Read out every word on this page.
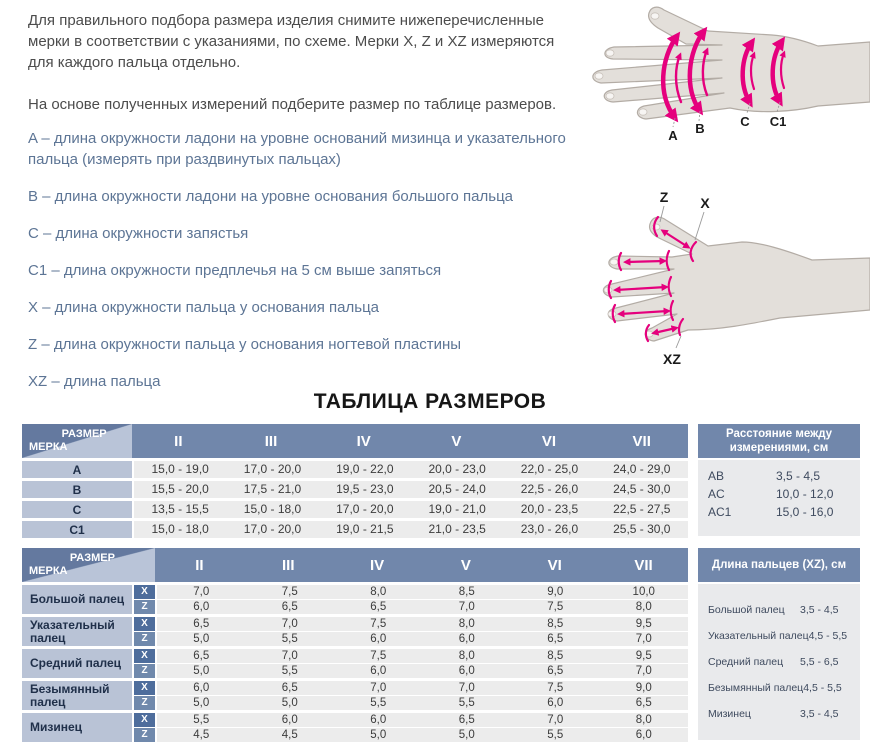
Для правильного подбора размера изделия снимите нижеперечисленные мерки в соответствии с указаниями, по схеме. Мерки X, Z и XZ измеряются для каждого пальца отдельно.

На основе полученных измерений подберите размер по таблице размеров.

A – длина окружности ладони на уровне оснований мизинца и указательного пальца (измерять при раздвинутых пальцах)

B – длина окружности ладони на уровне основания большого пальца

C – длина окружности запястья

C1 – длина окружности предплечья на 5 см выше запяться

X – длина окружности пальца у основания пальца

Z – длина окружности пальца у основания ногтевой пластины

XZ – длина пальца

A B	C C1
Z X
XZ
ТАБЛИЦА РАЗМЕРОВ
РАЗМЕР
МЕРКА	II	III	IV	V	VI	VII
A	15,0 - 19,0	17,0 - 20,0	19,0 - 22,0	20,0 - 23,0	22,0 - 25,0	24,0 - 29,0
B	15,5 - 20,0	17,5 - 21,0	19,5 - 23,0	20,5 - 24,0	22,5 - 26,0	24,5 - 30,0
C	13,5 - 15,5	15,0 - 18,0	17,0 - 20,0	19,0 - 21,0	20,0 - 23,5	22,5 - 27,5
C1	15,0 - 18,0	17,0 - 20,0	19,0 - 21,5	21,0 - 23,5	23,0 - 26,0	25,5 - 30,0
Расстояние между измерениями, см
AB	3,5 - 4,5
AC	10,0 - 12,0
AC1	15,0 - 16,0
РАЗМЕР
МЕРКА	II	III	IV	V	VI	VII
Большой палец
X	7,0	7,5	8,0	8,5	9,0	10,0
Z	6,0	6,5	6,5	7,0	7,5	8,0
Указательный палец
X	6,5	7,0	7,5	8,0	8,5	9,5
Z	5,0	5,5	6,0	6,0	6,5	7,0
Средний палец
X	6,5	7,0	7,5	8,0	8,5	9,5
Z	5,0	5,5	6,0	6,0	6,5	7,0
Безымянный палец
X	6,0	6,5	7,0	7,0	7,5	9,0
Z	5,0	5,0	5,5	5,5	6,0	6,5
Мизинец
X	5,5	6,0	6,0	6,5	7,0	8,0
Z	4,5	4,5	5,0	5,0	5,5	6,0
Длина пальцев (XZ), см
Большой палец	3,5 - 4,5
Указательный палец 4,5 - 5,5
Средний палец	5,5 - 6,5
Безымянный палец 4,5 - 5,5
Мизинец	3,5 - 4,5
